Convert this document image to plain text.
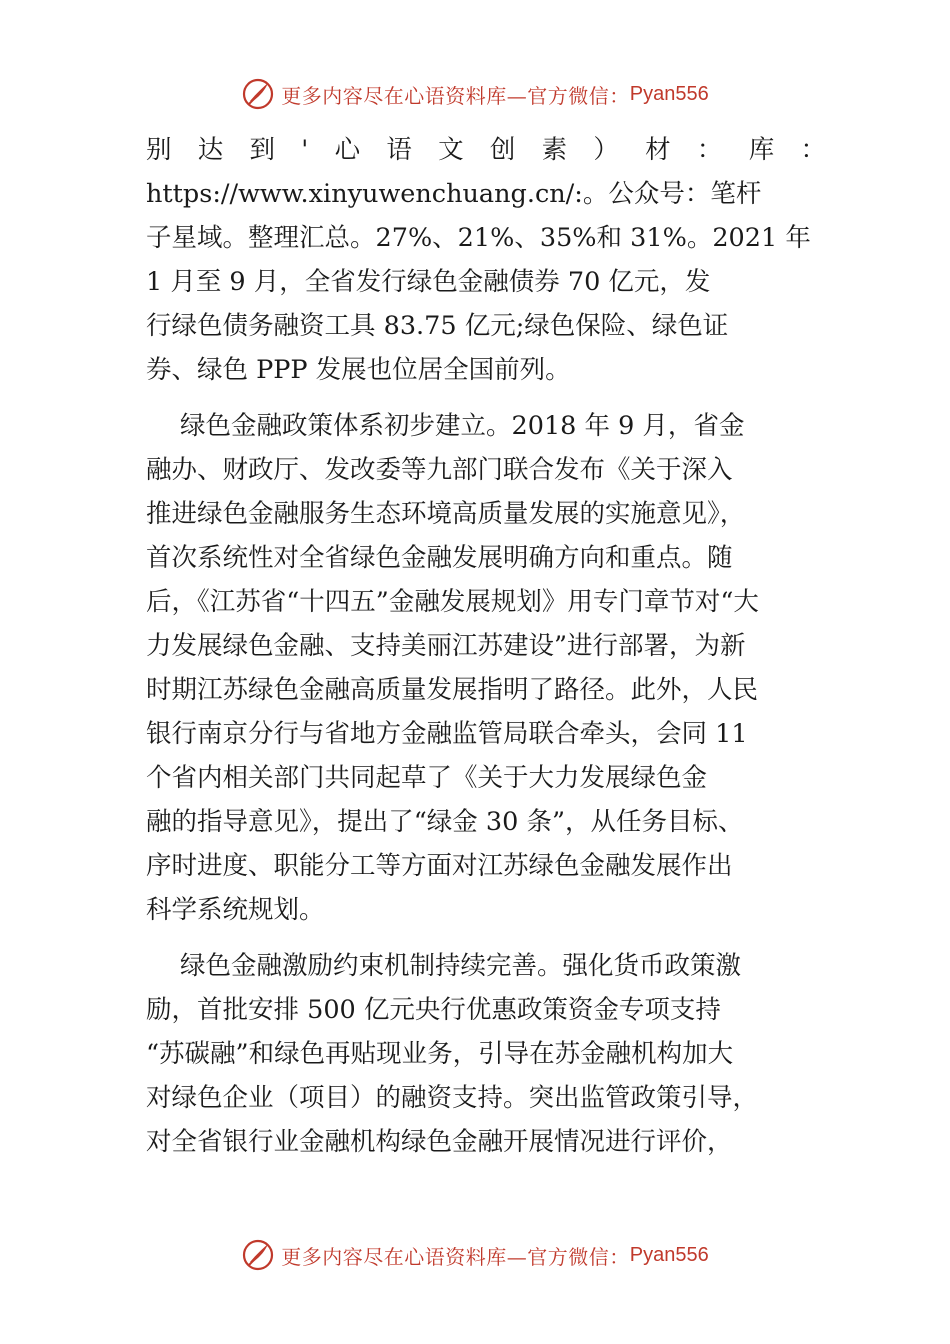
更多内容尽在心语资料库—官方微信： Pyan556
别 达 到 ' 心 语 文 创 素 ） 材 ： 库 ：
https://www.xinyuwenchuang.cn/:。公众号：笔杆
子星域。整理汇总。27%、21%、35%和 31%。2021 年
1 月至 9 月，全省发行绿色金融债券 70 亿元，发
行绿色债务融资工具 83.75 亿元;绿色保险、绿色证
券、绿色 PPP 发展也位居全国前列。
绿色金融政策体系初步建立。2018 年 9 月，省金
融办、财政厅、发改委等九部门联合发布《关于深入
推进绿色金融服务生态环境高质量发展的实施意见》，
首次系统性对全省绿色金融发展明确方向和重点。随
后，《江苏省“十四五”金融发展规划》用专门章节对“大
力发展绿色金融、支持美丽江苏建设”进行部署，为新
时期江苏绿色金融高质量发展指明了路径。此外，人民
银行南京分行与省地方金融监管局联合牵头，会同 11
个省内相关部门共同起草了《关于大力发展绿色金
融的指导意见》，提出了“绿金 30 条”，从任务目标、
序时进度、职能分工等方面对江苏绿色金融发展作出
科学系统规划。
绿色金融激励约束机制持续完善。强化货币政策激
励，首批安排 500 亿元央行优惠政策资金专项支持
“苏碳融”和绿色再贴现业务，引导在苏金融机构加大
对绿色企业（项目）的融资支持。突出监管政策引导，
对全省银行业金融机构绿色金融开展情况进行评价，
更多内容尽在心语资料库—官方微信： Pyan556
